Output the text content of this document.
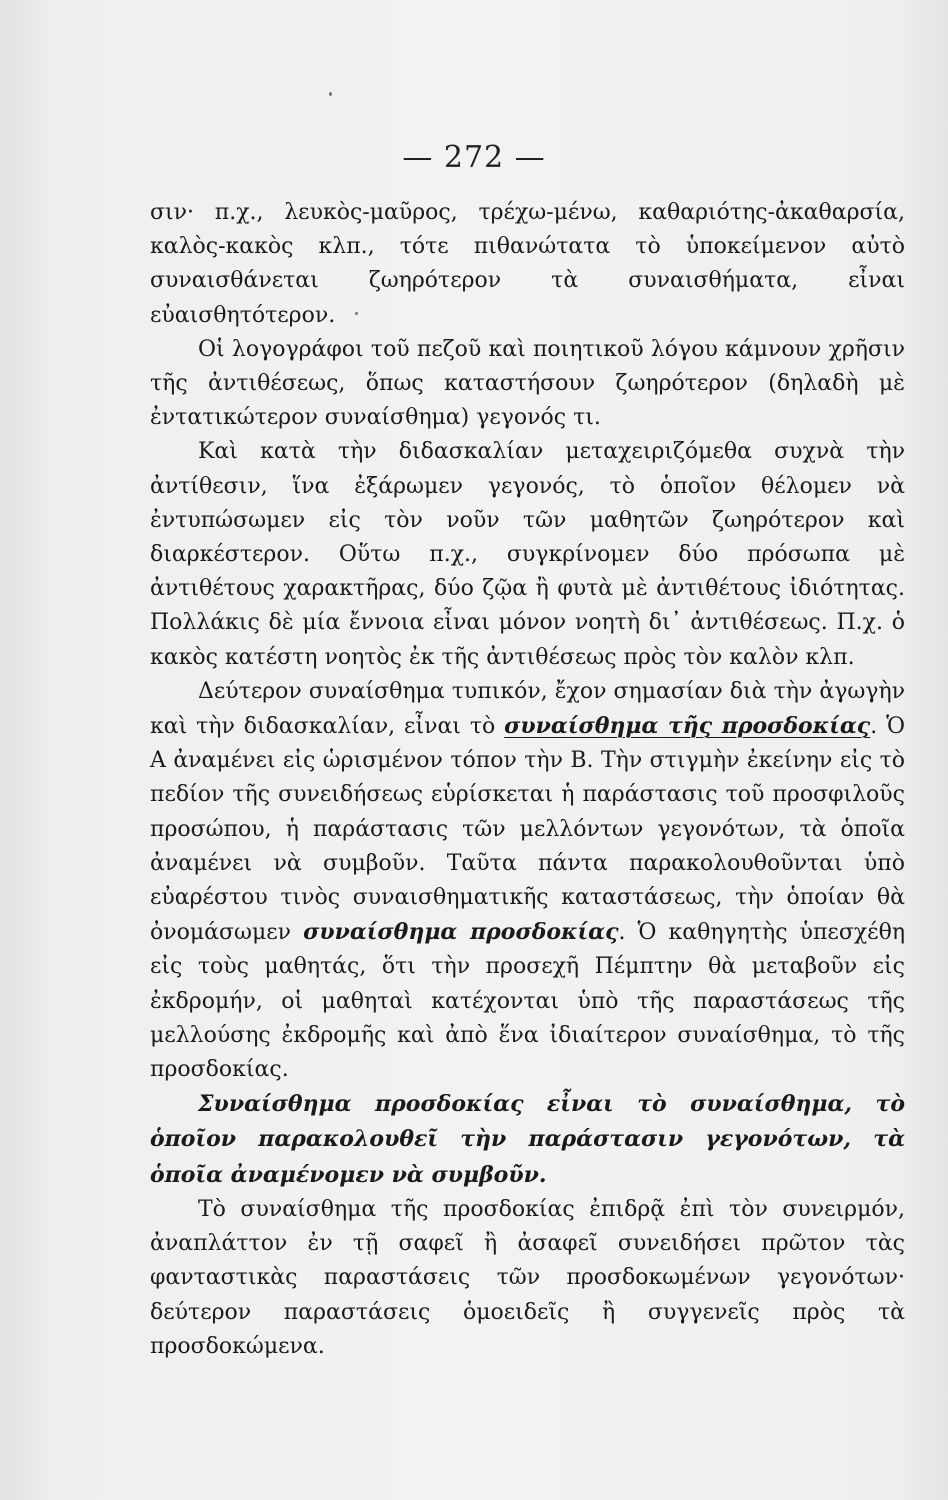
— 272 —

σιν· π.χ., λευκὸς-μαῦρος, τρέχω-μένω, καθαριότης-ἀκαθαρσία, καλὸς-κακὸς κλπ., τότε πιθανώτατα τὸ ὑποκείμενον αὐτὸ συναισθάνεται ζωηρότερον τὰ συναισθήματα, εἶναι εὐαισθητότερον.

Οἱ λογογράφοι τοῦ πεζοῦ καὶ ποιητικοῦ λόγου κάμνουν χρῆσιν τῆς ἀντιθέσεως, ὅπως καταστήσουν ζωηρότερον (δηλαδὴ μὲ ἐντατικώτερον συναίσθημα) γεγονός τι.

Καὶ κατὰ τὴν διδασκαλίαν μεταχειριζόμεθα συχνὰ τὴν ἀντίθεσιν, ἵνα ἐξάρωμεν γεγονός, τὸ ὁποῖον θέλομεν νὰ ἐντυπώσωμεν εἰς τὸν νοῦν τῶν μαθητῶν ζωηρότερον καὶ διαρκέστερον. Οὕτω π.χ., συγκρίνομεν δύο πρόσωπα μὲ ἀντιθέτους χαρακτῆρας, δύο ζῷα ἢ φυτὰ μὲ ἀντιθέτους ἰδιότητας. Πολλάκις δὲ μία ἔννοια εἶναι μόνον νοητὴ δι᾽ ἀντιθέσεως. Π.χ. ὁ κακὸς κατέστη νοητὸς ἐκ τῆς ἀντιθέσεως πρὸς τὸν καλὸν κλπ.

Δεύτερον συναίσθημα τυπικόν, ἔχον σημασίαν διὰ τὴν ἀγωγὴν καὶ τὴν διδασκαλίαν, εἶναι τὸ συναίσθημα τῆς προσδοκίας. Ὁ Α ἀναμένει εἰς ὡρισμένον τόπον τὴν Β. Τὴν στιγμὴν ἐκείνην εἰς τὸ πεδίον τῆς συνειδήσεως εὑρίσκεται ἡ παράστασις τοῦ προσφιλοῦς προσώπου, ἡ παράστασις τῶν μελλόντων γεγονότων, τὰ ὁποῖα ἀναμένει νὰ συμβοῦν. Ταῦτα πάντα παρακολουθοῦνται ὑπὸ εὐαρέστου τινὸς συναισθηματικῆς καταστάσεως, τὴν ὁποίαν θὰ ὀνομάσωμεν συναίσθημα προσδοκίας. Ὁ καθηγητὴς ὑπεσχέθη εἰς τοὺς μαθητάς, ὅτι τὴν προσεχῆ Πέμπτην θὰ μεταβοῦν εἰς ἐκδρομήν, οἱ μαθηταὶ κατέχονται ὑπὸ τῆς παραστάσεως τῆς μελλούσης ἐκδρομῆς καὶ ἀπὸ ἕνα ἰδιαίτερον συναίσθημα, τὸ τῆς προσδοκίας.

Συναίσθημα προσδοκίας εἶναι τὸ συναίσθημα, τὸ ὁποῖον παρακολουθεῖ τὴν παράστασιν γεγονότων, τὰ ὁποῖα ἀναμένομεν νὰ συμβοῦν.

Τὸ συναίσθημα τῆς προσδοκίας ἐπιδρᾷ ἐπὶ τὸν συνειρμόν, ἀναπλάττον ἐν τῇ σαφεῖ ἢ ἀσαφεῖ συνειδήσει πρῶτον τὰς φανταστικὰς παραστάσεις τῶν προσδοκωμένων γεγονότων· δεύτερον παραστάσεις ὁμοειδεῖς ἢ συγγενεῖς πρὸς τὰ προσδοκώμενα.
